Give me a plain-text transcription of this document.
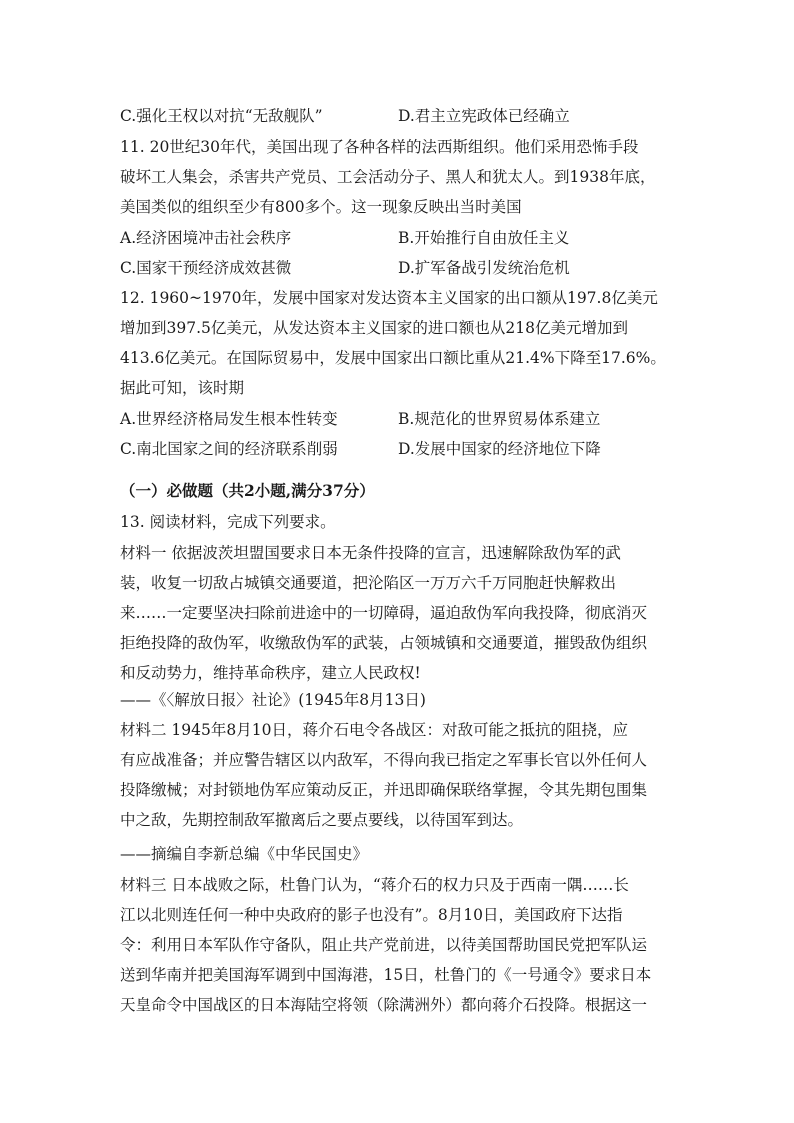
C.强化王权以对抗“无敌舰队”	D.君主立宪政体已经确立
11. 20世纪30年代，美国出现了各种各样的法西斯组织。他们采用恐怖手段
破坏工人集会，杀害共产党员、工会活动分子、黑人和犹太人。到1938年底，
美国类似的组织至少有800多个。这一现象反映出当时美国
A.经济困境冲击社会秩序	B.开始推行自由放任主义
C.国家干预经济成效甚微	D.扩军备战引发统治危机
12. 1960~1970年，发展中国家对发达资本主义国家的出口额从197.8亿美元
增加到397.5亿美元，从发达资本主义国家的进口额也从218亿美元增加到
413.6亿美元。在国际贸易中，发展中国家出口额比重从21.4%下降至17.6%。
据此可知，该时期
A.世界经济格局发生根本性转变	B.规范化的世界贸易体系建立
C.南北国家之间的经济联系削弱	D.发展中国家的经济地位下降
（一）必做题（共2小题,满分37分）
13. 阅读材料，完成下列要求。
材料一 依据波茨坦盟国要求日本无条件投降的宣言，迅速解除敌伪军的武
装，收复一切敌占城镇交通要道，把沦陷区一万万六千万同胞赶快解救出
来……一定要坚决扫除前进途中的一切障碍，逼迫敌伪军向我投降，彻底消灭
拒绝投降的敌伪军，收缴敌伪军的武装，占领城镇和交通要道，摧毁敌伪组织
和反动势力，维持革命秩序，建立人民政权!
——《〈解放日报〉社论》(1945年8月13日)
材料二 1945年8月10日，蒋介石电令各战区：对敌可能之抵抗的阻挠，应
有应战准备；并应警告辖区以内敌军，不得向我已指定之军事长官以外任何人
投降缴械；对封锁地伪军应策动反正，并迅即确保联络掌握，令其先期包围集
中之敌，先期控制敌军撤离后之要点要线，以待国军到达。
——摘编自李新总编《中华民国史》
材料三 日本战败之际，杜鲁门认为，“蒋介石的权力只及于西南一隅……长
江以北则连任何一种中央政府的影子也没有”。8月10日，美国政府下达指
令：利用日本军队作守备队，阻止共产党前进，以待美国帮助国民党把军队运
送到华南并把美国海军调到中国海港，15日，杜鲁门的《一号通令》要求日本
天皇命令中国战区的日本海陆空将领（除满洲外）都向蒋介石投降。根据这一
